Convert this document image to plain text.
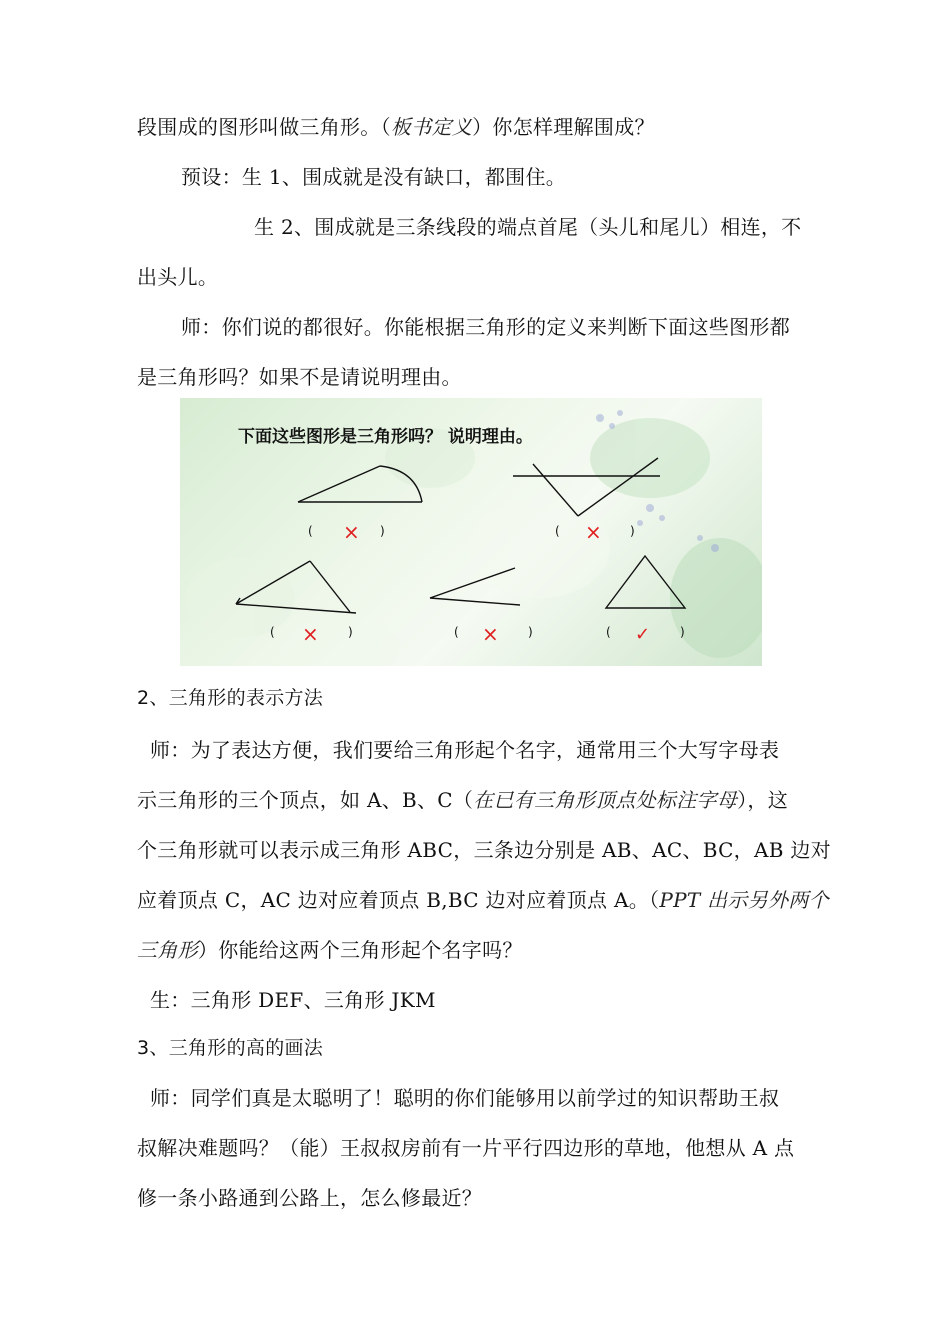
段围成的图形叫做三角形。（板书定义）你怎样理解围成？
预设：生 1、围成就是没有缺口，都围住。
生 2、围成就是三条线段的端点首尾（头儿和尾儿）相连，不
出头儿。
师：你们说的都很好。你能根据三角形的定义来判断下面这些图形都
是三角形吗？如果不是请说明理由。
下面这些图形是三角形吗？ 说明理由。
(	)	(	)
(	)	(	)	(	)
×	×
×	×	✓
2、三角形的表示方法
师：为了表达方便，我们要给三角形起个名字，通常用三个大写字母表
示三角形的三个顶点，如 A、B、C（在已有三角形顶点处标注字母），这
个三角形就可以表示成三角形 ABC，三条边分别是 AB、AC、BC，AB 边对
应着顶点 C，AC 边对应着顶点 B,BC 边对应着顶点 A。（PPT 出示另外两个
三角形）你能给这两个三角形起个名字吗？
生：三角形 DEF、三角形 JKM
3、三角形的高的画法
师：同学们真是太聪明了！聪明的你们能够用以前学过的知识帮助王叔
叔解决难题吗？（能）王叔叔房前有一片平行四边形的草地，他想从 A 点
修一条小路通到公路上，怎么修最近？
